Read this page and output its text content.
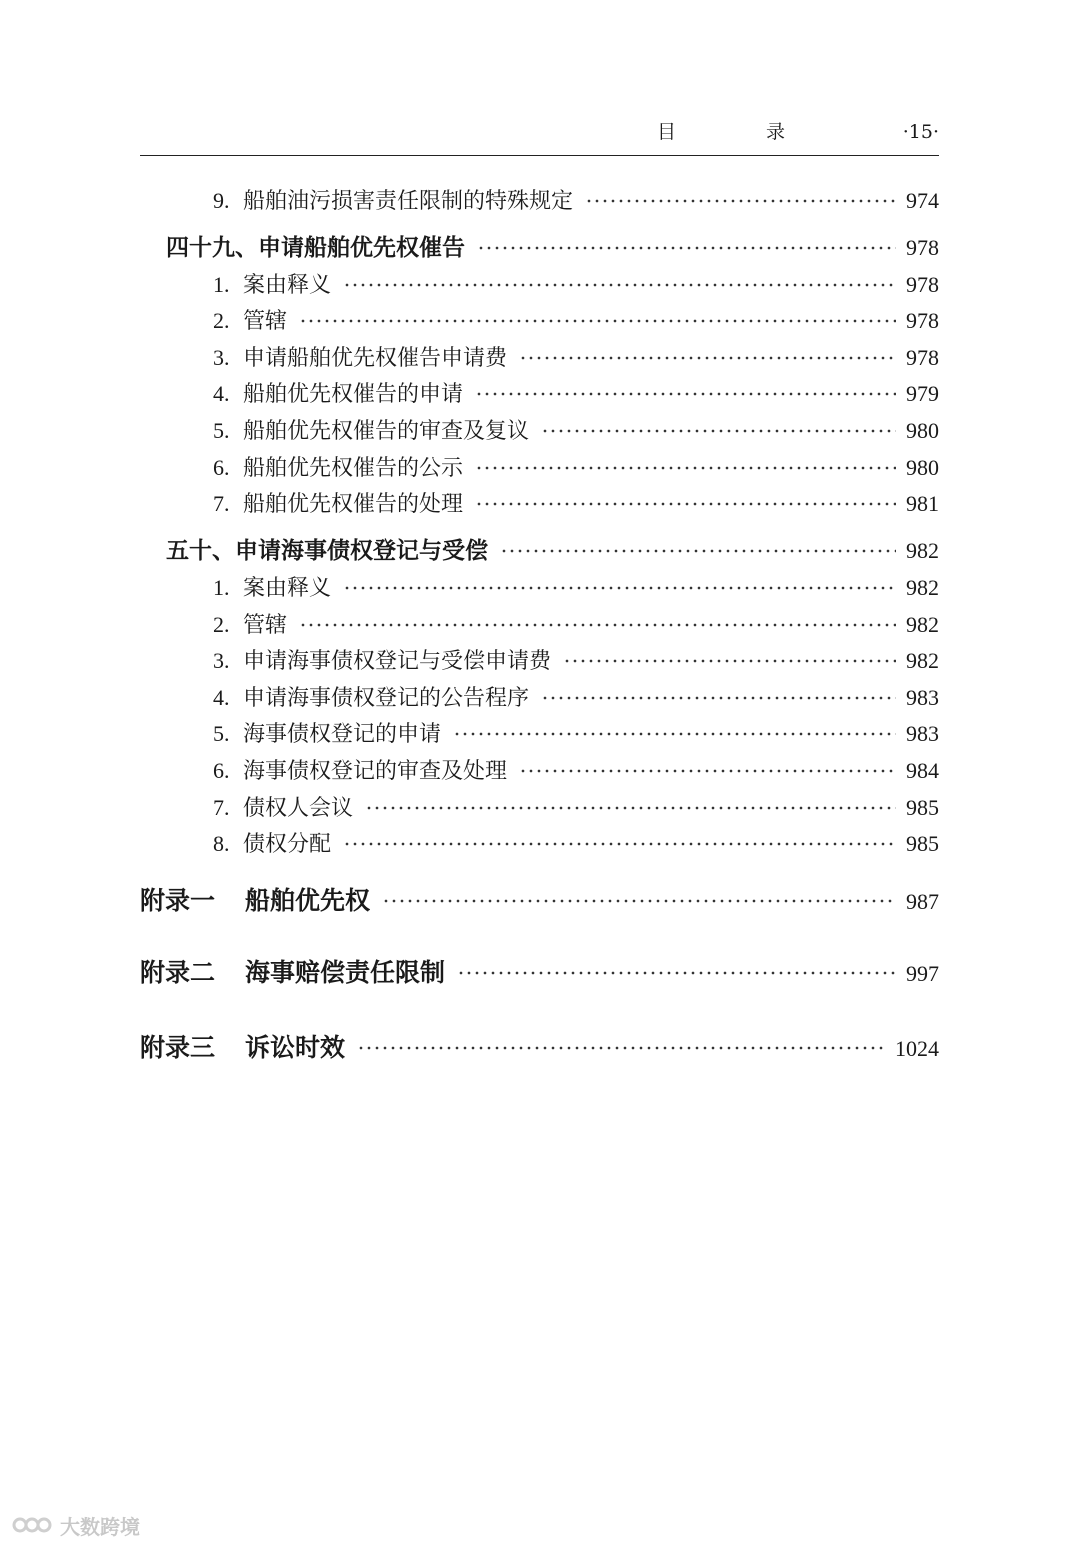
目 录	·15·
9. 船舶油污损害责任限制的特殊规定	974
四十九、申请船舶优先权催告	978
1. 案由释义	978
2. 管辖	978
3. 申请船舶优先权催告申请费	978
4. 船舶优先权催告的申请	979
5. 船舶优先权催告的审查及复议	980
6. 船舶优先权催告的公示	980
7. 船舶优先权催告的处理	981
五十、申请海事债权登记与受偿	982
1. 案由释义	982
2. 管辖	982
3. 申请海事债权登记与受偿申请费	982
4. 申请海事债权登记的公告程序	983
5. 海事债权登记的申请	983
6. 海事债权登记的审查及处理	984
7. 债权人会议	985
8. 债权分配	985
附录一 船舶优先权	987
附录二 海事赔偿责任限制	997
附录三 诉讼时效	1024
大数跨境
